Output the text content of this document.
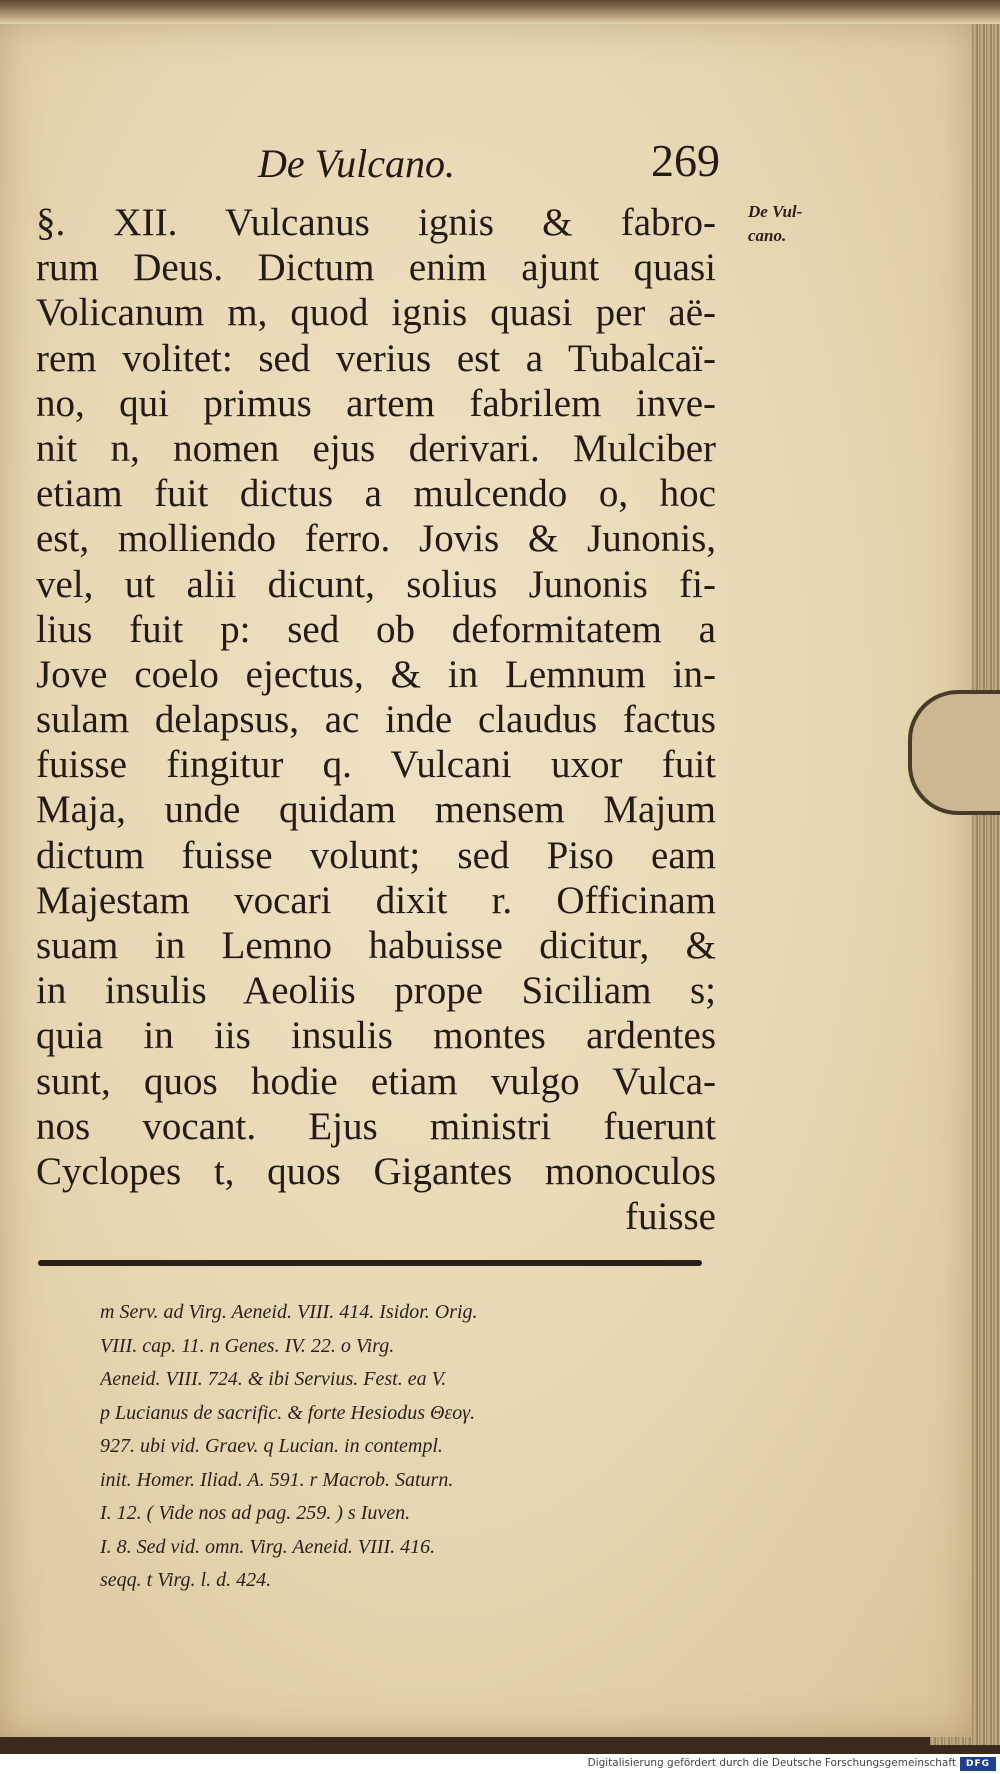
De Vulcano.	269
§. XII. Vulcanus ignis & fabro-
rum Deus. Dictum enim ajunt quasi
Volicanum m, quod ignis quasi per aë-
rem volitet: sed verius est a Tubalcaï-
no, qui primus artem fabrilem inve-
nit n, nomen ejus derivari. Mulciber
etiam fuit dictus a mulcendo o, hoc
est, molliendo ferro. Jovis & Junonis,
vel, ut alii dicunt, solius Junonis fi-
lius fuit p: sed ob deformitatem a
Jove coelo ejectus, & in Lemnum in-
sulam delapsus, ac inde claudus factus
fuisse fingitur q. Vulcani uxor fuit
Maja, unde quidam mensem Majum
dictum fuisse volunt; sed Piso eam
Majestam vocari dixit r. Officinam
suam in Lemno habuisse dicitur, &
in insulis Aeoliis prope Siciliam s;
quia in iis insulis montes ardentes
sunt, quos hodie etiam vulgo Vulca-
nos vocant. Ejus ministri fuerunt
Cyclopes t, quos Gigantes monoculos
fuisse
De Vul-
cano.
m Serv. ad Virg. Aeneid. VIII. 414. Isidor. Orig.
VIII. cap. 11. n Genes. IV. 22. o Virg.
Aeneid. VIII. 724. & ibi Servius. Fest. ea V.
p Lucianus de sacrific. & forte Hesiodus Θεογ.
927. ubi vid. Graev. q Lucian. in contempl.
init. Homer. Iliad. A. 591. r Macrob. Saturn.
I. 12. ( Vide nos ad pag. 259. ) s Iuven.
I. 8. Sed vid. omn. Virg. Aeneid. VIII. 416.
seqq. t Virg. l. d. 424.
Digitalisierung gefördert durch die Deutsche Forschungsgemeinschaft	DFG
